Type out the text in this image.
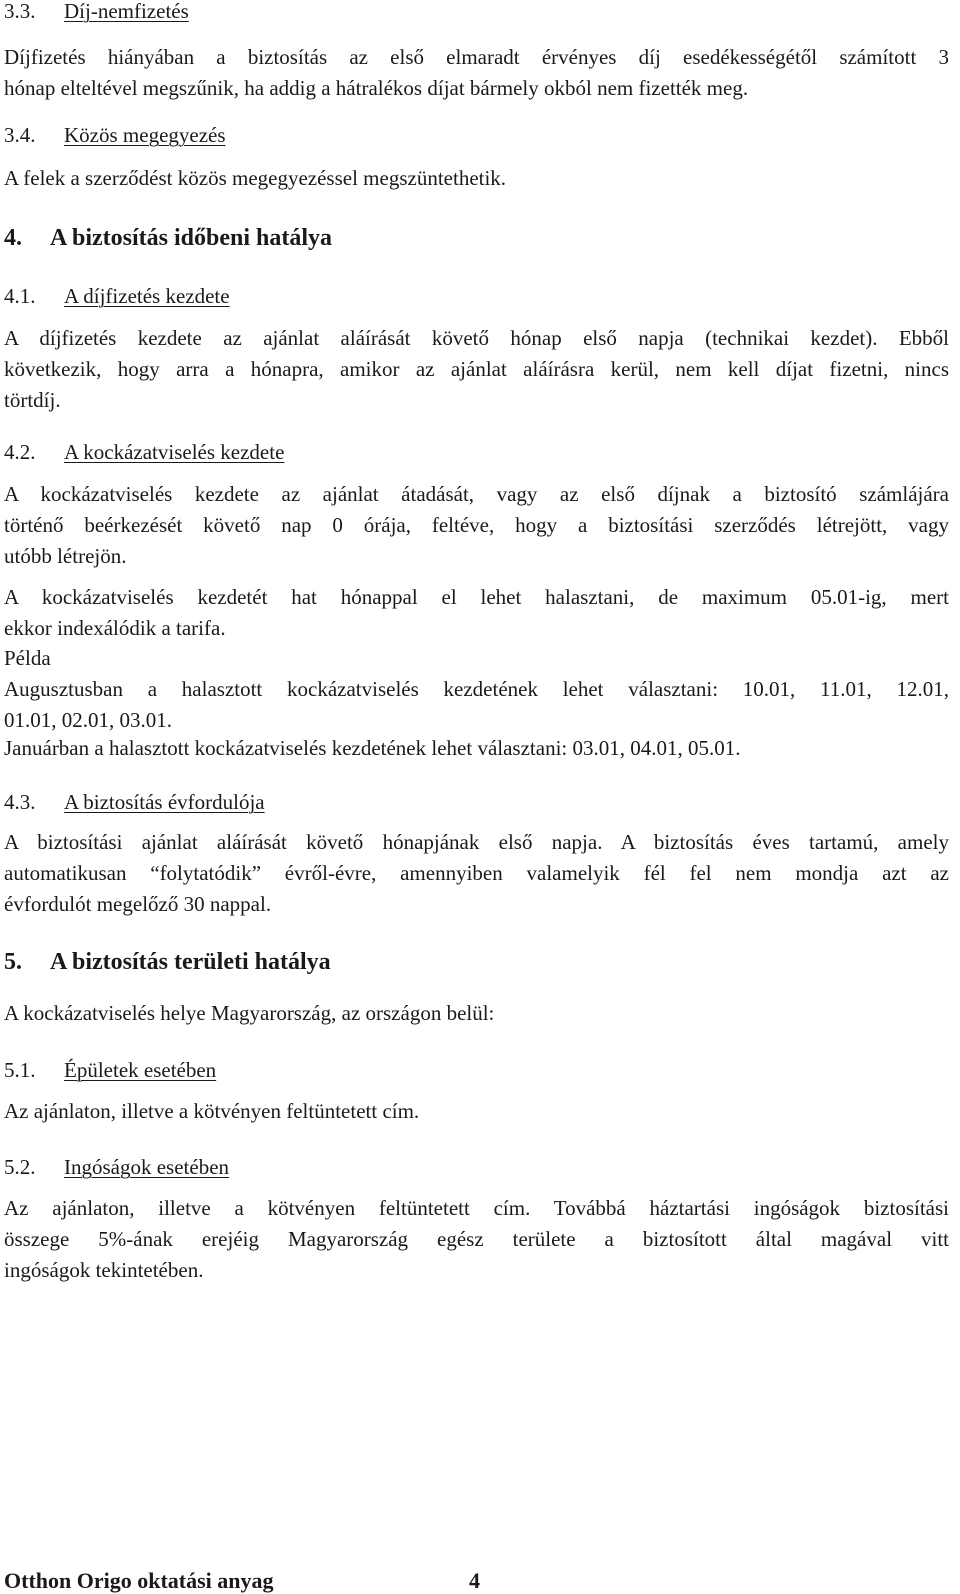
3.3. Díj-nemfizetés
Díjfizetés hiányában a biztosítás az első elmaradt érvényes díj esedékességétől számított 3
hónap elteltével megszűnik, ha addig a hátralékos díjat bármely okból nem fizették meg.
3.4. Közös megegyezés
A felek a szerződést közös megegyezéssel megszüntethetik.
4. A biztosítás időbeni hatálya
4.1. A díjfizetés kezdete
A díjfizetés kezdete az ajánlat aláírását követő hónap első napja (technikai kezdet). Ebből
következik, hogy arra a hónapra, amikor az ajánlat aláírásra kerül, nem kell díjat fizetni, nincs
törtdíj.
4.2. A kockázatviselés kezdete
A kockázatviselés kezdete az ajánlat átadását, vagy az első díjnak a biztosító számlájára
történő beérkezését követő nap 0 órája, feltéve, hogy a biztosítási szerződés létrejött, vagy
utóbb létrejön.
A kockázatviselés kezdetét hat hónappal el lehet halasztani, de maximum 05.01-ig, mert
ekkor indexálódik a tarifa.
Példa
Augusztusban a halasztott kockázatviselés kezdetének lehet választani: 10.01, 11.01, 12.01,
01.01, 02.01, 03.01.
Januárban a halasztott kockázatviselés kezdetének lehet választani: 03.01, 04.01, 05.01.
4.3. A biztosítás évfordulója
A biztosítási ajánlat aláírását követő hónapjának első napja. A biztosítás éves tartamú, amely
automatikusan “folytatódik” évről-évre, amennyiben valamelyik fél fel nem mondja azt az
évfordulót megelőző 30 nappal.
5. A biztosítás területi hatálya
A kockázatviselés helye Magyarország, az országon belül:
5.1. Épületek esetében
Az ajánlaton, illetve a kötvényen feltüntetett cím.
5.2. Ingóságok esetében
Az ajánlaton, illetve a kötvényen feltüntetett cím. Továbbá háztartási ingóságok biztosítási
összege 5%-ának erejéig Magyarország egész területe a biztosított által magával vitt
ingóságok tekintetében.
Otthon Origo oktatási anyag	4
